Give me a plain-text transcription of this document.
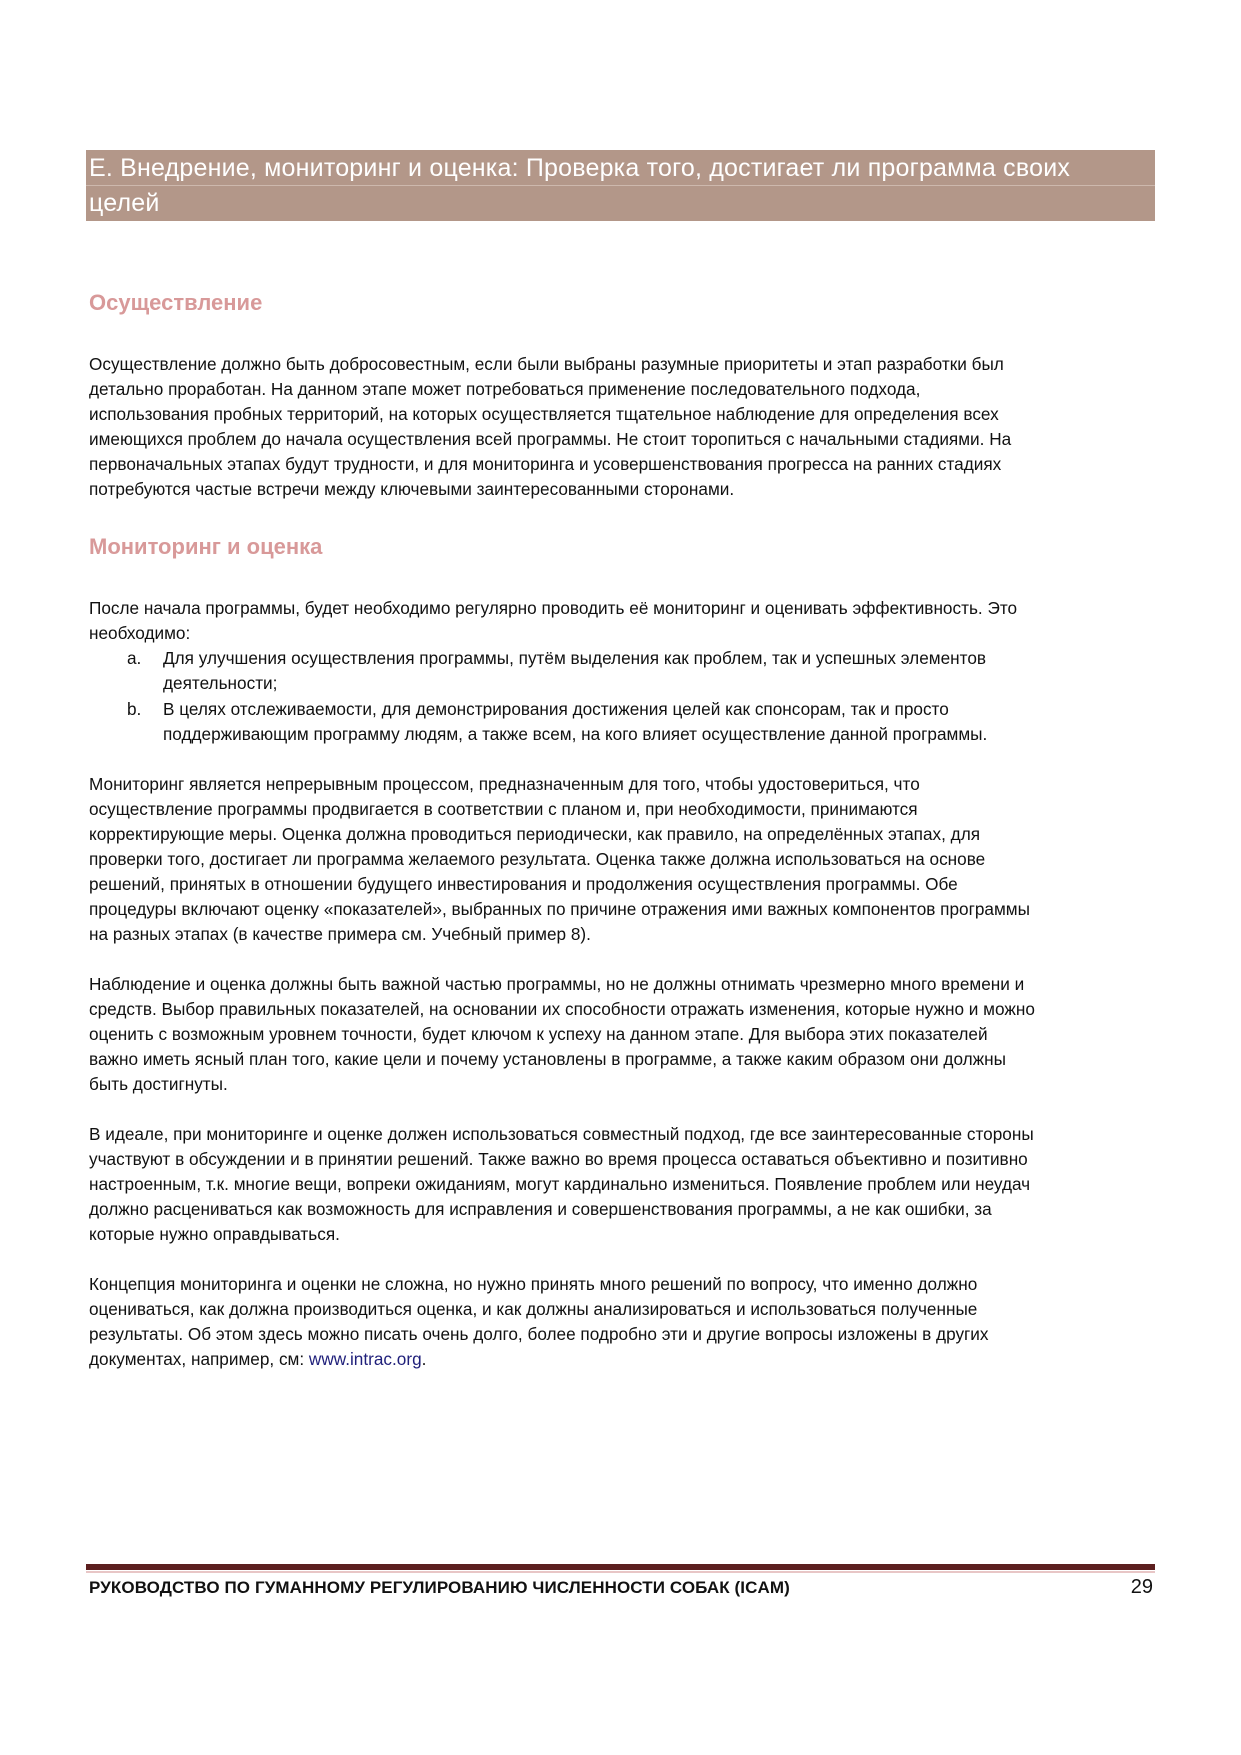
E. Внедрение, мониторинг и оценка: Проверка того, достигает ли программа своих
целей
Осуществление
Осуществление должно быть добросовестным, если были выбраны разумные приоритеты и этап разработки был
детально проработан. На данном этапе может потребоваться применение последовательного подхода,
использования пробных территорий, на которых осуществляется тщательное наблюдение для определения всех
имеющихся проблем до начала осуществления всей программы. Не стоит торопиться с начальными стадиями. На
первоначальных этапах будут трудности, и для мониторинга и усовершенствования прогресса на ранних стадиях
потребуются частые встречи между ключевыми заинтересованными сторонами.
Мониторинг и оценка
После начала программы, будет необходимо регулярно проводить её мониторинг и оценивать эффективность. Это
необходимо:
a. Для улучшения осуществления программы, путём выделения как проблем, так и успешных элементов
деятельности;
b. В целях отслеживаемости, для демонстрирования достижения целей как спонсорам, так и просто
поддерживающим программу людям, а также всем, на кого влияет осуществление данной программы.
Мониторинг является непрерывным процессом, предназначенным для того, чтобы удостовериться, что
осуществление программы продвигается в соответствии с планом и, при необходимости, принимаются
корректирующие меры. Оценка должна проводиться периодически, как правило, на определённых этапах, для
проверки того, достигает ли программа желаемого результата. Оценка также должна использоваться на основе
решений, принятых в отношении будущего инвестирования и продолжения осуществления программы. Обе
процедуры включают оценку «показателей», выбранных по причине отражения ими важных компонентов программы
на разных этапах (в качестве примера см. Учебный пример 8).
Наблюдение и оценка должны быть важной частью программы, но не должны отнимать чрезмерно много времени и
средств. Выбор правильных показателей, на основании их способности отражать изменения, которые нужно и можно
оценить с возможным уровнем точности, будет ключом к успеху на данном этапе. Для выбора этих показателей
важно иметь ясный план того, какие цели и почему установлены в программе, а также каким образом они должны
быть достигнуты.
В идеале, при мониторинге и оценке должен использоваться совместный подход, где все заинтересованные стороны
участвуют в обсуждении и в принятии решений. Также важно во время процесса оставаться объективно и позитивно
настроенным, т.к. многие вещи, вопреки ожиданиям, могут кардинально измениться. Появление проблем или неудач
должно расцениваться как возможность для исправления и совершенствования программы, а не как ошибки, за
которые нужно оправдываться.
Концепция мониторинга и оценки не сложна, но нужно принять много решений по вопросу, что именно должно
оцениваться, как должна производиться оценка, и как должны анализироваться и использоваться полученные
результаты. Об этом здесь можно писать очень долго, более подробно эти и другие вопросы изложены в других
документах, например, см: www.intrac.org.
РУКОВОДСТВО ПО ГУМАННОМУ РЕГУЛИРОВАНИЮ ЧИСЛЕННОСТИ СОБАК (ICAM)	29
